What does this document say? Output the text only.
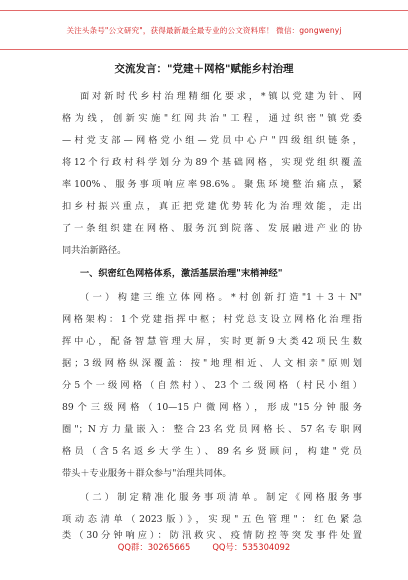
关注头条号"公文研究"，获得最新最全最专业的公文资料库！ 微信：gongwenyj
交流发言："党建＋网格"赋能乡村治理
面对新时代乡村治理精细化要求，*镇以党建为针、网
格为线，创新实施"红网共治"工程，通过织密"镇党委
—村党支部—网格党小组—党员中心户"四级组织链条，
将12个行政村科学划分为89个基础网格，实现党组织覆盖
率100%、服务事项响应率98.6%。聚焦环境整治痛点，紧
扣乡村振兴重点，真正把党建优势转化为治理效能，走出
了一条组织建在网格、服务沉到院落、发展融进产业的协
同共治新路径。
一、织密红色网格体系，激活基层治理"末梢神经"
（一）构建三维立体网格。*村创新打造"1＋3＋N"
网格架构：1个党建指挥中枢；村党总支设立网格化治理指
挥中心，配备智慧管理大屏，实时更新9大类42项民生数
据；3级网格纵深覆盖：按"地理相近、人文相亲"原则划
分5个一级网格（自然村）、23个二级网格（村民小组）
89个三级网格（10—15户微网格），形成"15分钟服务
圈"；N方力量嵌入：整合23名党员网格长、57名专职网
格员（含5名返乡大学生）、89名乡贤顾问，构建"党员
带头＋专业服务＋群众参与"治理共同体。
（二）制定精准化服务事项清单。制定《网格服务事
项动态清单（2023版）》，实现"五色管理"：红色紧急
类（30分钟响应）：防汛救灾、疫情防控等突发事件处置
QQ群：30265665	QQ号：535304092
